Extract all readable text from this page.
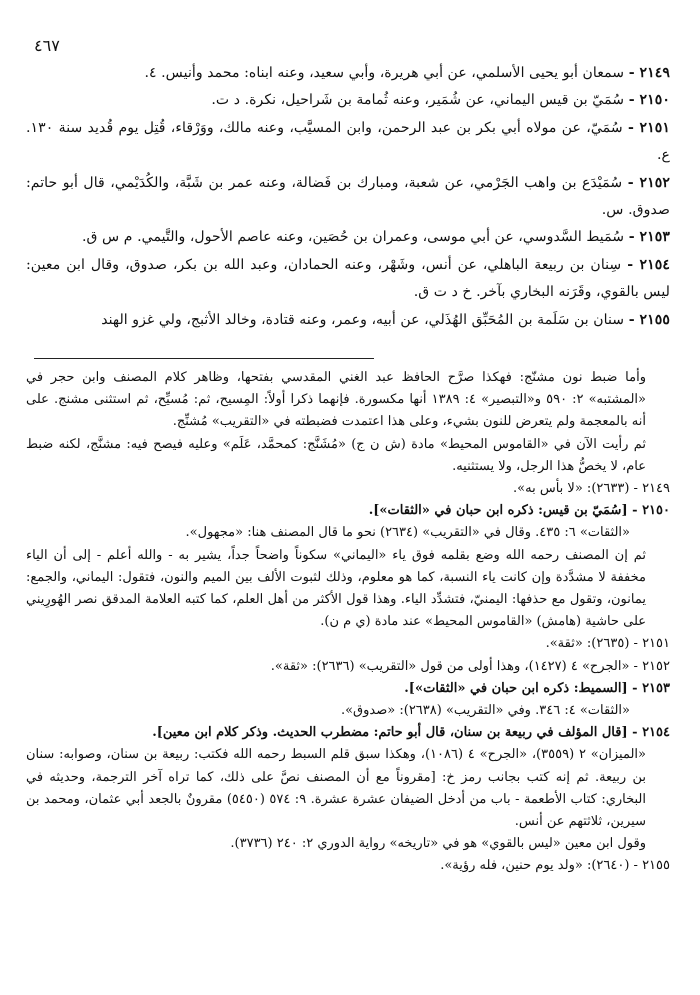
٤٦٧

٢١٤٩ - سمعان أبو يحيى الأسلمي، عن أبي هريرة، وأبي سعيد، وعنه ابناه: محمد وأنيس. ٤.

٢١٥٠ - سُمَيّ بن قيس اليماني، عن شُمَير، وعنه ثُمامة بن شَراحيل، نكرة. د ت.

٢١٥١ - سُمَيّ، عن مولاه أبي بكر بن عبد الرحمن، وابن المسيَّب، وعنه مالك، ووَرْقاء، قُتِل يوم قُديد سنة ١٣٠. ع.

٢١٥٢ - سُمَيْدَع بن واهب الجَرْمي، عن شعبة، ومبارك بن فَضالة، وعنه عمر بن شَبَّة، والكُدَيْمي، قال أبو حاتم: صدوق. س.

٢١٥٣ - سُمَيط السَّدوسي، عن أبي موسى، وعمران بن حُصَين، وعنه عاصم الأحول، والتَّيمي. م س ق.

٢١٥٤ - سِنان بن ربيعة الباهلي، عن أنس، وشَهْر، وعنه الحمادان، وعبد الله بن بكر، صدوق، وقال ابن معين: ليس بالقوي، وقَرَنه البخاري بآخر. خ د ت ق.

٢١٥٥ - سنان بن سَلَمة بن المُحَبِّق الهُذَلي، عن أبيه، وعمر، وعنه قتادة، وخالد الأثبج، ولي غزو الهند

وأما ضبط نون مشنّج: فهكذا صرَّح الحافظ عبد الغني المقدسي بفتحها، وظاهر كلام المصنف وابن حجر في «المشتبه» ٢: ٥٩٠ و«التبصير» ٤: ١٣٨٩ أنها مكسورة. فإنهما ذكرا أولاً: المِسيح، ثم: مُسيِّح، ثم استثنى مشنج. على أنه بالمعجمة ولم يتعرض للنون بشيء، وعلى هذا اعتمدت فضبطته في «التقريب» مُشنِّج.

ثم رأيت الآن في «القاموس المحيط» مادة (ش ن ج) «مُشَنَّج: كمحمَّد، عَلَم» وعليه فيصح فيه: مشنَّج، لكنه ضبط عام، لا يخصُّ هذا الرجل، ولا يستثنيه.

٢١٤٩ - (٢٦٣٣): «لا بأس به».

٢١٥٠ - [سُمَيّ بن قيس: ذكره ابن حبان في «الثقات»].

«الثقات» ٦: ٤٣٥. وقال في «التقريب» (٢٦٣٤) نحو ما قال المصنف هنا: «مجهول».

ثم إن المصنف رحمه الله وضع بقلمه فوق ياء «اليماني» سكوناً واضحاً جداً، يشير به - والله أعلم - إلى أن الياء مخففة لا مشدَّدة وإن كانت ياء النسبة، كما هو معلوم، وذلك لثبوت الألف بين الميم والنون، فتقول: اليماني، والجمع: يمانون، وتقول مع حذفها: اليمنيّ، فتشدِّد الياء. وهذا قول الأكثر من أهل العلم، كما كتبه العلامة المدقق نصر الهُورِيني على حاشية (هامش) «القاموس المحيط» عند مادة (ي م ن).

٢١٥١ - (٢٦٣٥): «ثقة».

٢١٥٢ - «الجرح» ٤ (١٤٢٧)، وهذا أولى من قول «التقريب» (٢٦٣٦): «ثقة».

٢١٥٣ - [السميط: ذكره ابن حبان في «الثقات»].

«الثقات» ٤: ٣٤٦. وفي «التقريب» (٢٦٣٨): «صدوق».

٢١٥٤ - [قال المؤلف في ربيعة بن سنان، قال أبو حاتم: مضطرب الحديث. وذكر كلام ابن معين].

«الميزان» ٢ (٣٥٥٩)، «الجرح» ٤ (١٠٨٦)، وهكذا سبق قلم السبط رحمه الله فكتب: ربيعة بن سنان، وصوابه: سنان بن ربيعة. ثم إنه كتب بجانب رمز خ: [مقروناً مع أن المصنف نصَّ على ذلك، كما تراه آخر الترجمة، وحديثه في البخاري: كتاب الأطعمة - باب من أدخل الضيفان عشرة عشرة. ٩: ٥٧٤ (٥٤٥٠) مقرونٌ بالجعد أبي عثمان، ومحمد بن سيرين، ثلاثتهم عن أنس.

وقول ابن معين «ليس بالقوي» هو في «تاريخه» رواية الدوري ٢: ٢٤٠ (٣٧٣٦).

٢١٥٥ - (٢٦٤٠): «ولد يوم حنين، فله رؤية».
